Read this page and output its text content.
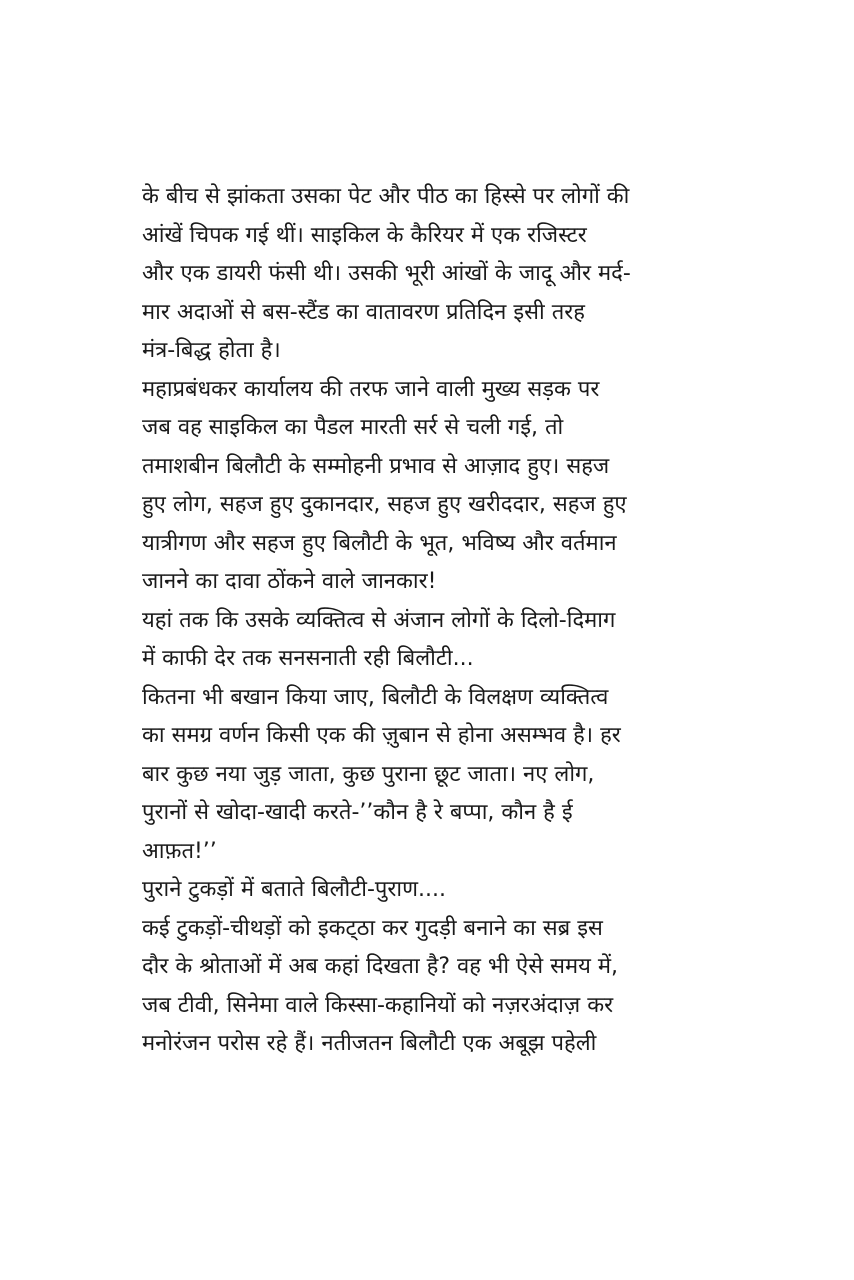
के बीच से झांकता उसका पेट और पीठ का हिस्से पर लोगों की
आंखें चिपक गई थीं। साइकिल के कैरियर में एक रजिस्टर
और एक डायरी फंसी थी। उसकी भूरी आंखों के जादू और मर्द-
मार अदाओं से बस-स्टैंड का वातावरण प्रतिदिन इसी तरह
मंत्र-बिद्ध होता है।
महाप्रबंधकर कार्यालय की तरफ जाने वाली मुख्य सड़क पर
जब वह साइकिल का पैडल मारती सर्र से चली गई, तो
तमाशबीन बिलौटी के सम्मोहनी प्रभाव से आज़ाद हुए। सहज
हुए लोग, सहज हुए दुकानदार, सहज हुए खरीददार, सहज हुए
यात्रीगण और सहज हुए बिलौटी के भूत, भविष्य और वर्तमान
जानने का दावा ठोंकने वाले जानकार!
यहां तक कि उसके व्यक्तित्व से अंजान लोगों के दिलो-दिमाग
में काफी देर तक सनसनाती रही बिलौटी...
कितना भी बखान किया जाए, बिलौटी के विलक्षण व्यक्तित्व
का समग्र वर्णन किसी एक की ज़ुबान से होना असम्भव है। हर
बार कुछ नया जुड़ जाता, कुछ पुराना छूट जाता। नए लोग,
पुरानों से खोदा-खादी करते-’’कौन है रे बप्पा, कौन है ई
आफ़त!’’
पुराने टुकड़ों में बताते बिलौटी-पुराण....
कई टुकड़ों-चीथड़ों को इकट्‌ठा कर गुदड़ी बनाने का सब्र इस
दौर के श्रोताओं में अब कहां दिखता है? वह भी ऐसे समय में,
जब टीवी, सिनेमा वाले किस्सा-कहानियों को नज़रअंदाज़ कर
मनोरंजन परोस रहे हैं। नतीजतन बिलौटी एक अबूझ पहेली
